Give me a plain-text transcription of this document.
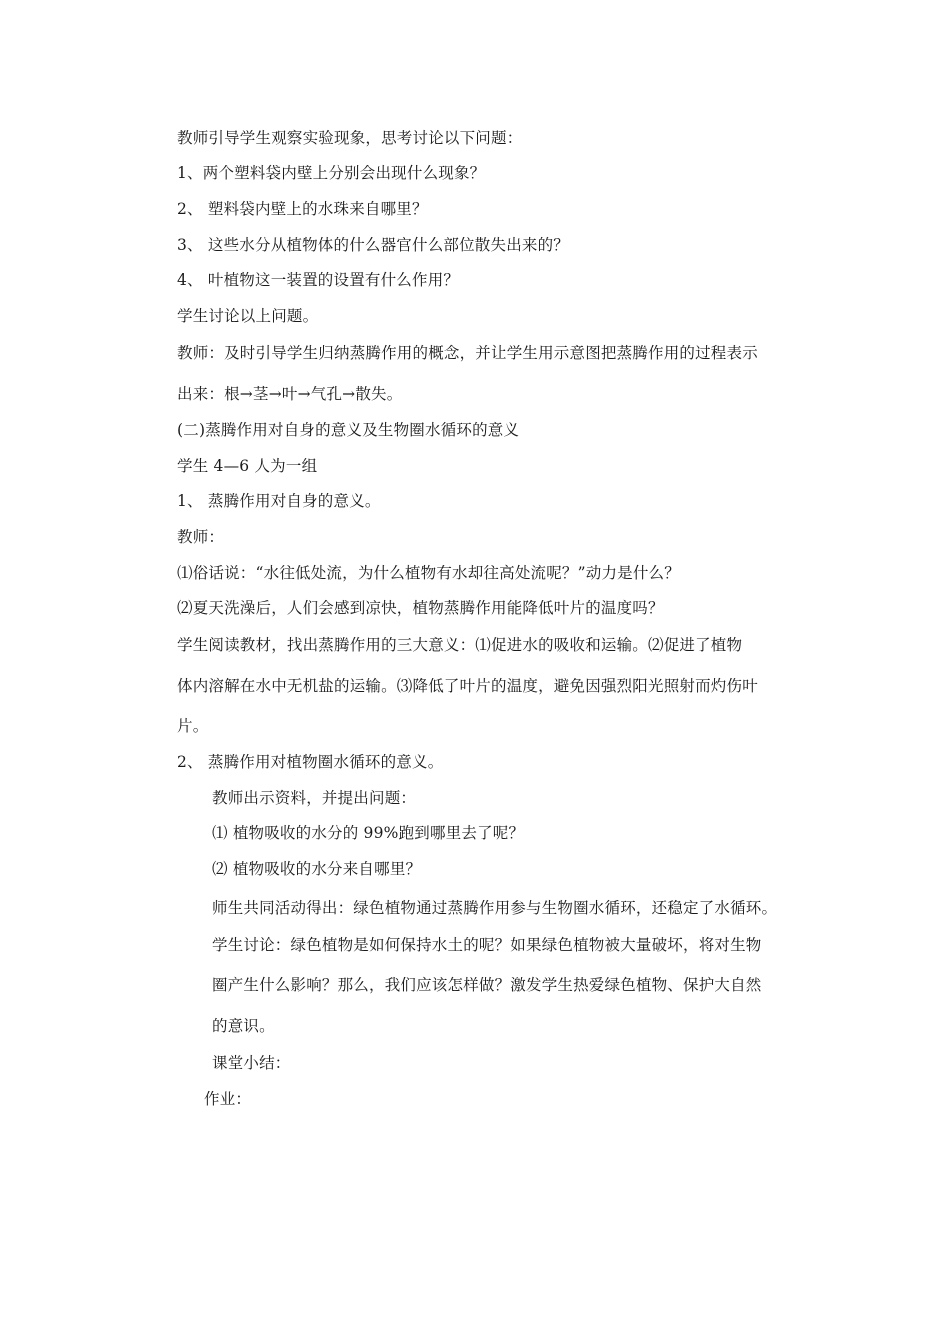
教师引导学生观察实验现象，思考讨论以下问题：
1、两个塑料袋内壁上分别会出现什么现象？
2、 塑料袋内壁上的水珠来自哪里？
3、 这些水分从植物体的什么器官什么部位散失出来的？
4、 叶植物这一装置的设置有什么作用？
学生讨论以上问题。
教师：及时引导学生归纳蒸腾作用的概念，并让学生用示意图把蒸腾作用的过程表示
出来：根→茎→叶→气孔→散失。
(二)蒸腾作用对自身的意义及生物圈水循环的意义
学生 4—6 人为一组
1、 蒸腾作用对自身的意义。
教师：
⑴俗话说：“水往低处流，为什么植物有水却往高处流呢？”动力是什么？
⑵夏天洗澡后，人们会感到凉快，植物蒸腾作用能降低叶片的温度吗？
学生阅读教材，找出蒸腾作用的三大意义：⑴促进水的吸收和运输。⑵促进了植物
体内溶解在水中无机盐的运输。⑶降低了叶片的温度，避免因强烈阳光照射而灼伤叶
片。
2、 蒸腾作用对植物圈水循环的意义。
教师出示资料，并提出问题：
⑴ 植物吸收的水分的 99%跑到哪里去了呢？
⑵ 植物吸收的水分来自哪里？
师生共同活动得出：绿色植物通过蒸腾作用参与生物圈水循环，还稳定了水循环。
学生讨论：绿色植物是如何保持水土的呢？如果绿色植物被大量破坏，将对生物
圈产生什么影响？那么，我们应该怎样做？激发学生热爱绿色植物、保护大自然
的意识。
课堂小结：
作业：
